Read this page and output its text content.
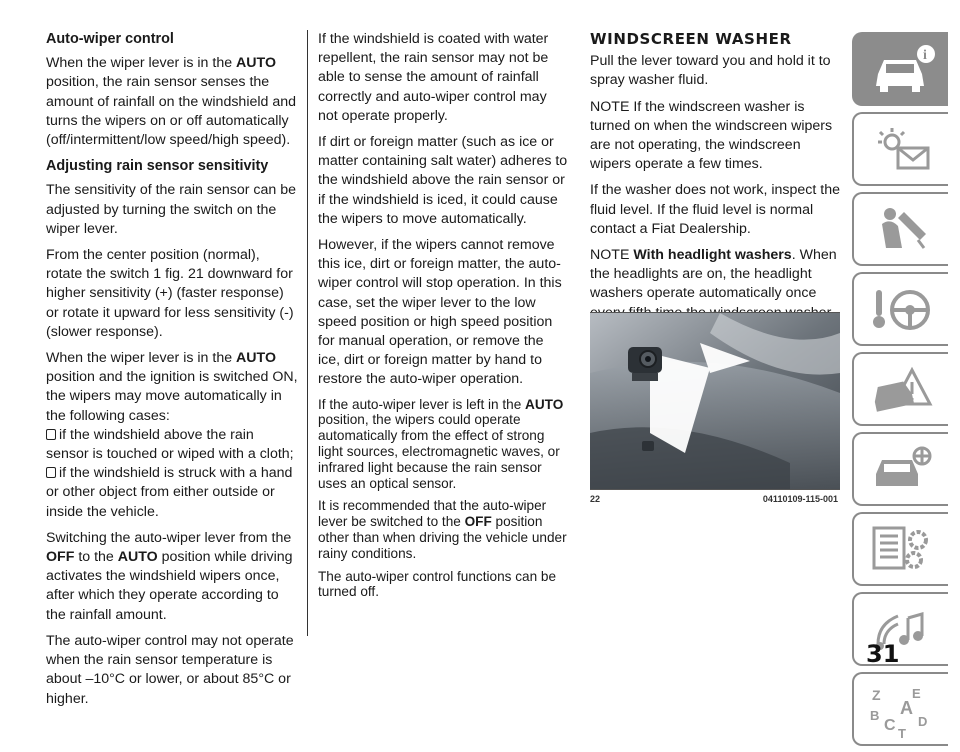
Auto-wiper control

When the wiper lever is in the AUTO position, the rain sensor senses the amount of rainfall on the windshield and turns the wipers on or off automatically (off/intermittent/low speed/high speed).

Adjusting rain sensor sensitivity

The sensitivity of the rain sensor can be adjusted by turning the switch on the wiper lever.

From the center position (normal), rotate the switch 1 fig. 21 downward for higher sensitivity (+) (faster response) or rotate it upward for less sensitivity (-) (slower response).

When the wiper lever is in the AUTO position and the ignition is switched ON, the wipers may move automatically in the following cases:

if the windshield above the rain sensor is touched or wiped with a cloth;
if the windshield is struck with a hand or other object from either outside or inside the vehicle.

Switching the auto-wiper lever from the OFF to the AUTO position while driving activates the windshield wipers once, after which they operate according to the rainfall amount.

The auto-wiper control may not operate when the rain sensor temperature is about –10°C or lower, or about 85°C or higher.

If the windshield is coated with water repellent, the rain sensor may not be able to sense the amount of rainfall correctly and auto-wiper control may not operate properly.

If dirt or foreign matter (such as ice or matter containing salt water) adheres to the windshield above the rain sensor or if the windshield is iced, it could cause the wipers to move automatically.

However, if the wipers cannot remove this ice, dirt or foreign matter, the auto-wiper control will stop operation. In this case, set the wiper lever to the low speed position or high speed position for manual operation, or remove the ice, dirt or foreign matter by hand to restore the auto-wiper operation.

If the auto-wiper lever is left in the AUTO position, the wipers could operate automatically from the effect of strong light sources, electromagnetic waves, or infrared light because the rain sensor uses an optical sensor.

It is recommended that the auto-wiper lever be switched to the OFF position other than when driving the vehicle under rainy conditions.

The auto-wiper control functions can be turned off.

WINDSCREEN WASHER

Pull the lever toward you and hold it to spray washer fluid.

NOTE If the windscreen washer is turned on when the windscreen wipers are not operating, the windscreen wipers operate a few times.

If the washer does not work, inspect the fluid level. If the fluid level is normal contact a Fiat Dealership.

NOTE With headlight washers. When the headlights are on, the headlight washers operate automatically once

22	04110109-115-001
i
Z E
A
B
C D
T
31
